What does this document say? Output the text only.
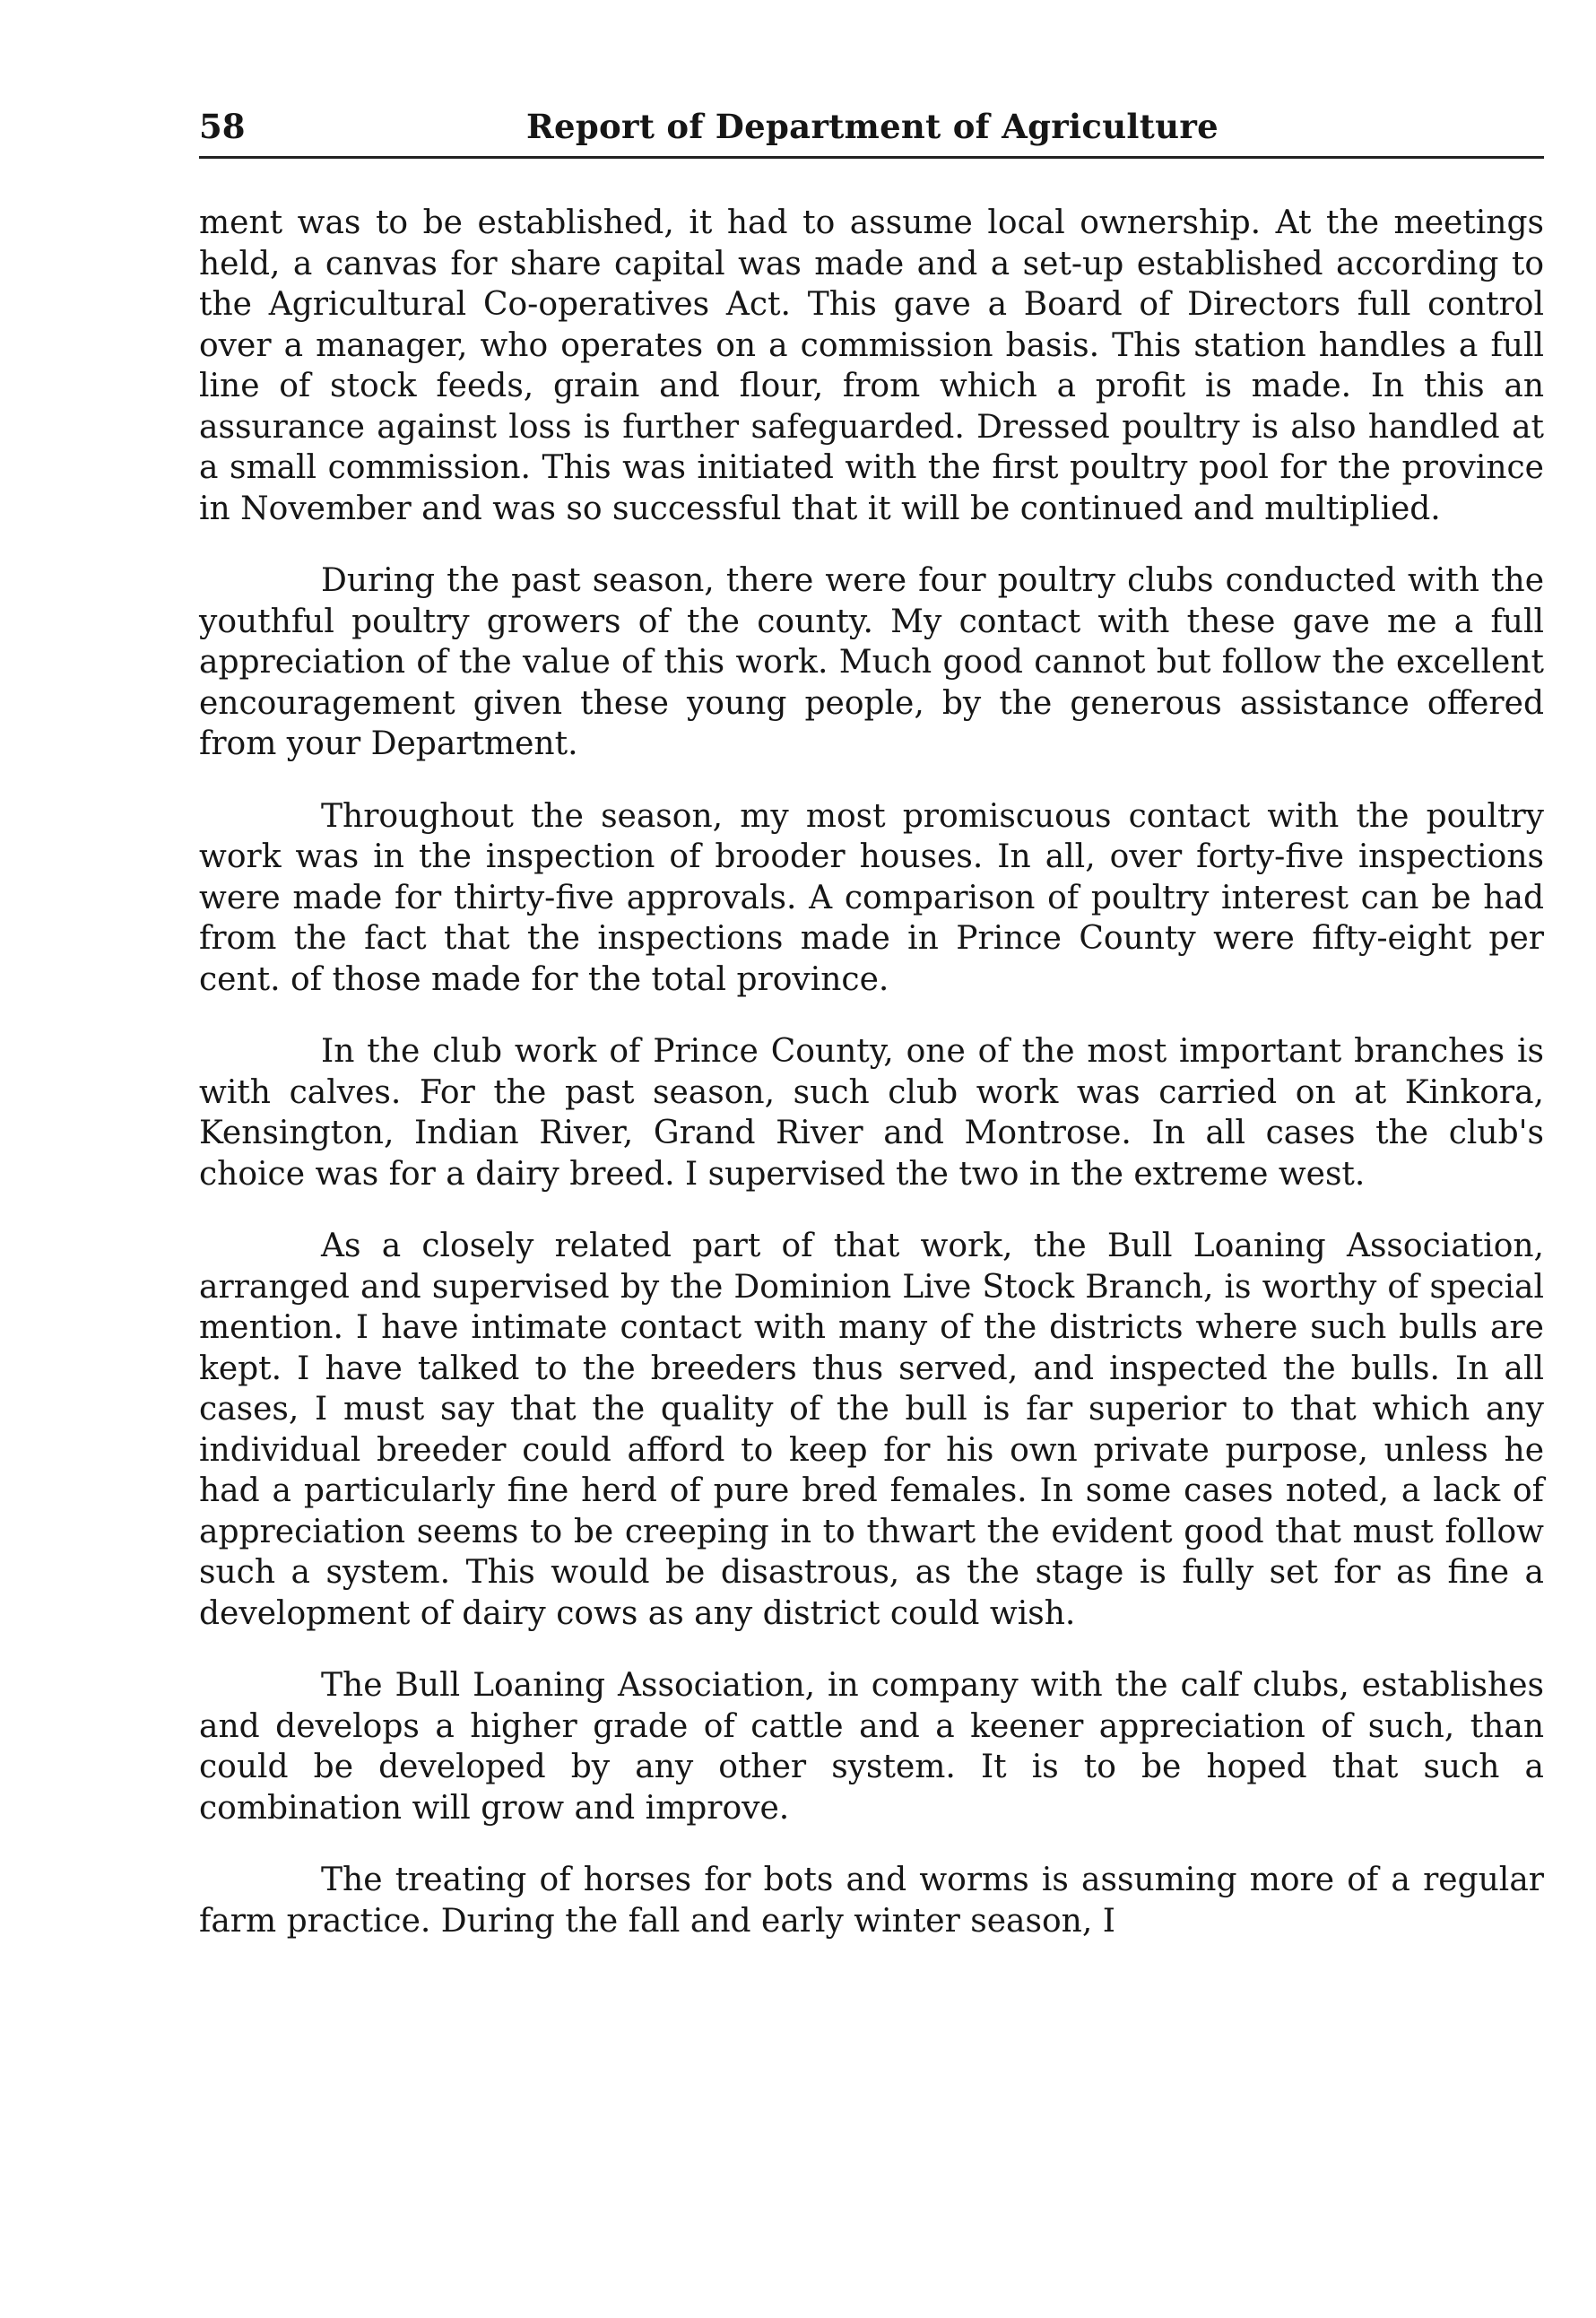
58	Report of Department of Agriculture

ment was to be established, it had to assume local ownership. At the meetings held, a canvas for share capital was made and a set-up established according to the Agricultural Co-operatives Act. This gave a Board of Directors full control over a manager, who operates on a commission basis. This station handles a full line of stock feeds, grain and flour, from which a profit is made. In this an assurance against loss is further safeguarded. Dressed poultry is also handled at a small commission. This was initiated with the first poultry pool for the province in November and was so successful that it will be continued and multiplied.

During the past season, there were four poultry clubs conducted with the youthful poultry growers of the county. My contact with these gave me a full appreciation of the value of this work. Much good cannot but follow the excellent encouragement given these young people, by the generous assistance offered from your Department.

Throughout the season, my most promiscuous contact with the poultry work was in the inspection of brooder houses. In all, over forty-five inspections were made for thirty-five approvals. A comparison of poultry interest can be had from the fact that the inspections made in Prince County were fifty-eight per cent. of those made for the total province.

In the club work of Prince County, one of the most important branches is with calves. For the past season, such club work was carried on at Kinkora, Kensington, Indian River, Grand River and Montrose. In all cases the club's choice was for a dairy breed. I supervised the two in the extreme west.

As a closely related part of that work, the Bull Loaning Association, arranged and supervised by the Dominion Live Stock Branch, is worthy of special mention. I have intimate contact with many of the districts where such bulls are kept. I have talked to the breeders thus served, and inspected the bulls. In all cases, I must say that the quality of the bull is far superior to that which any individual breeder could afford to keep for his own private purpose, unless he had a particularly fine herd of pure bred females. In some cases noted, a lack of appreciation seems to be creeping in to thwart the evident good that must follow such a system. This would be disastrous, as the stage is fully set for as fine a development of dairy cows as any district could wish.

The Bull Loaning Association, in company with the calf clubs, establishes and develops a higher grade of cattle and a keener appreciation of such, than could be developed by any other system. It is to be hoped that such a combination will grow and improve.

The treating of horses for bots and worms is assuming more of a regular farm practice. During the fall and early winter season, I
